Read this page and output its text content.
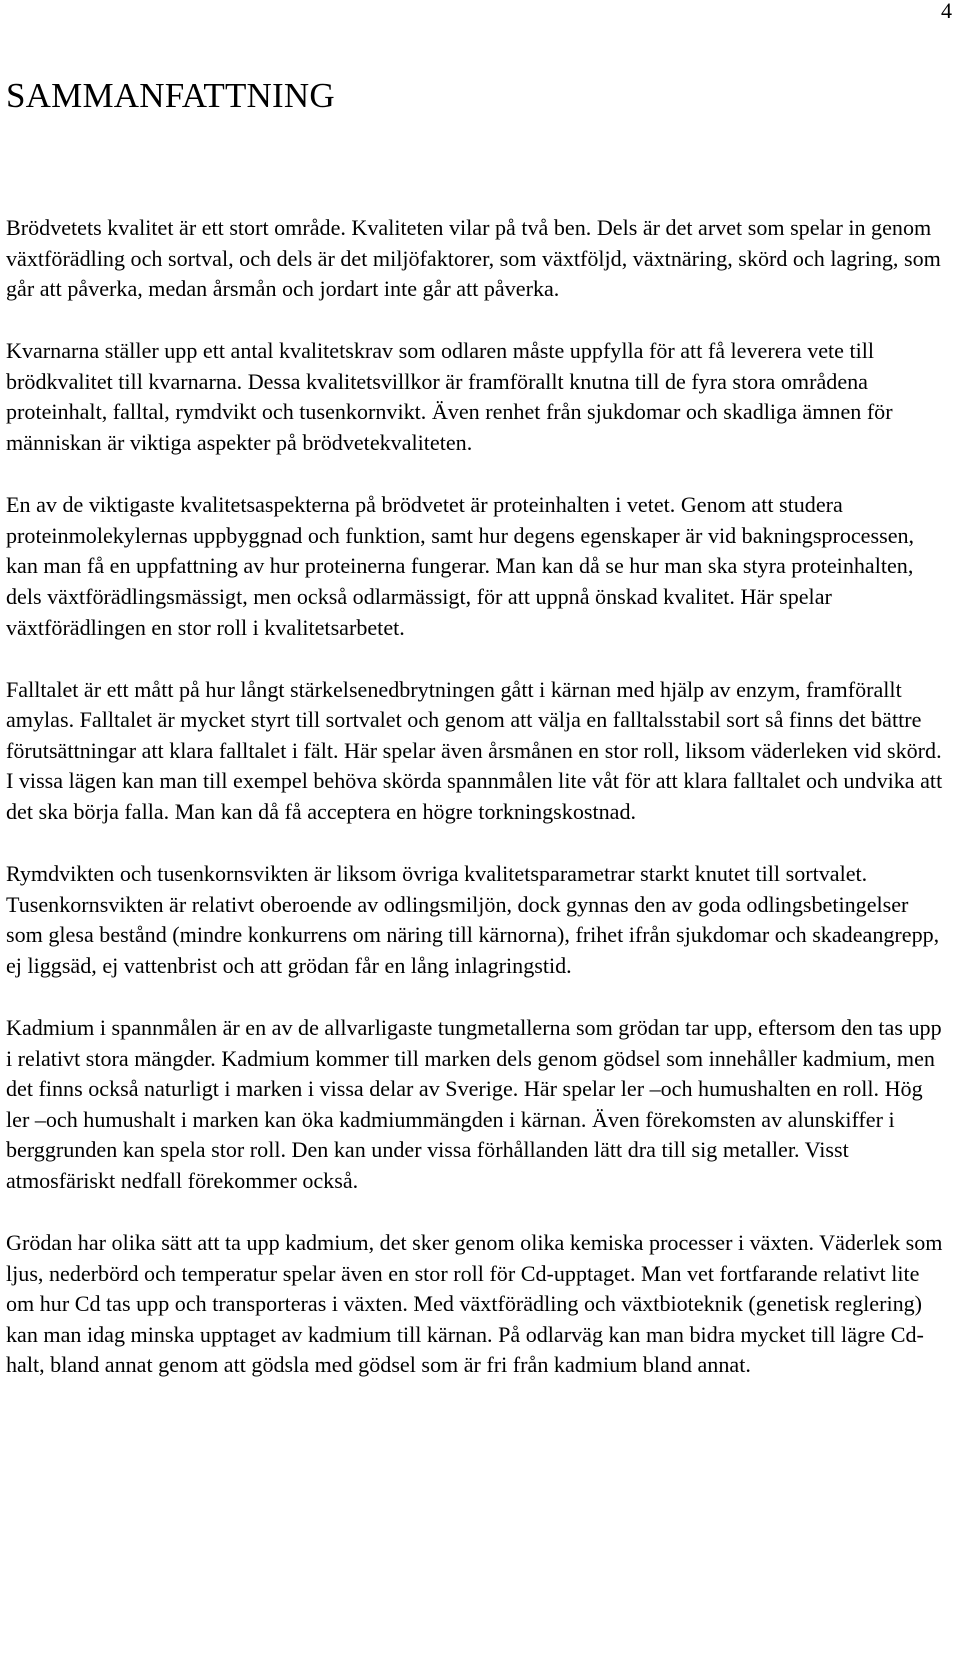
4
SAMMANFATTNING

Brödvetets kvalitet är ett stort område. Kvaliteten vilar på två ben. Dels är det arvet som spelar in genom växtförädling och sortval, och dels är det miljöfaktorer, som växtföljd, växtnäring, skörd och lagring, som går att påverka, medan årsmån och jordart inte går att påverka.

Kvarnarna ställer upp ett antal kvalitetskrav som odlaren måste uppfylla för att få leverera vete till brödkvalitet till kvarnarna. Dessa kvalitetsvillkor är framförallt knutna till de fyra stora områdena proteinhalt, falltal, rymdvikt och tusenkornvikt. Även renhet från sjukdomar och skadliga ämnen för människan är viktiga aspekter på brödvetekvaliteten.

En av de viktigaste kvalitetsaspekterna på brödvetet är proteinhalten i vetet. Genom att studera proteinmolekylernas uppbyggnad och funktion, samt hur degens egenskaper är vid bakningsprocessen, kan man få en uppfattning av hur proteinerna fungerar. Man kan då se hur man ska styra proteinhalten, dels växtförädlingsmässigt, men också odlarmässigt, för att uppnå önskad kvalitet. Här spelar växtförädlingen en stor roll i kvalitetsarbetet.

Falltalet är ett mått på hur långt stärkelsenedbrytningen gått i kärnan med hjälp av enzym, framförallt amylas. Falltalet är mycket styrt till sortvalet och genom att välja en falltalsstabil sort så finns det bättre förutsättningar att klara falltalet i fält. Här spelar även årsmånen en stor roll, liksom väderleken vid skörd. I vissa lägen kan man till exempel behöva skörda spannmålen lite våt för att klara falltalet och undvika att det ska börja falla. Man kan då få acceptera en högre torkningskostnad.

Rymdvikten och tusenkornsvikten är liksom övriga kvalitetsparametrar starkt knutet till sortvalet. Tusenkornsvikten är relativt oberoende av odlingsmiljön, dock gynnas den av goda odlingsbetingelser som glesa bestånd (mindre konkurrens om näring till kärnorna), frihet ifrån sjukdomar och skadeangrepp, ej liggsäd, ej vattenbrist och att grödan får en lång inlagringstid.

Kadmium i spannmålen är en av de allvarligaste tungmetallerna som grödan tar upp, eftersom den tas upp i relativt stora mängder. Kadmium kommer till marken dels genom gödsel som innehåller kadmium, men det finns också naturligt i marken i vissa delar av Sverige. Här spelar ler –och humushalten en roll. Hög ler –och humushalt i marken kan öka kadmiummängden i kärnan. Även förekomsten av alunskiffer i berggrunden kan spela stor roll. Den kan under vissa förhållanden lätt dra till sig metaller. Visst atmosfäriskt nedfall förekommer också.

Grödan har olika sätt att ta upp kadmium, det sker genom olika kemiska processer i växten. Väderlek som ljus, nederbörd och temperatur spelar även en stor roll för Cd-upptaget. Man vet fortfarande relativt lite om hur Cd tas upp och transporteras i växten. Med växtförädling och växtbioteknik (genetisk reglering) kan man idag minska upptaget av kadmium till kärnan. På odlarväg kan man bidra mycket till lägre Cd-halt, bland annat genom att gödsla med gödsel som är fri från kadmium bland annat.
